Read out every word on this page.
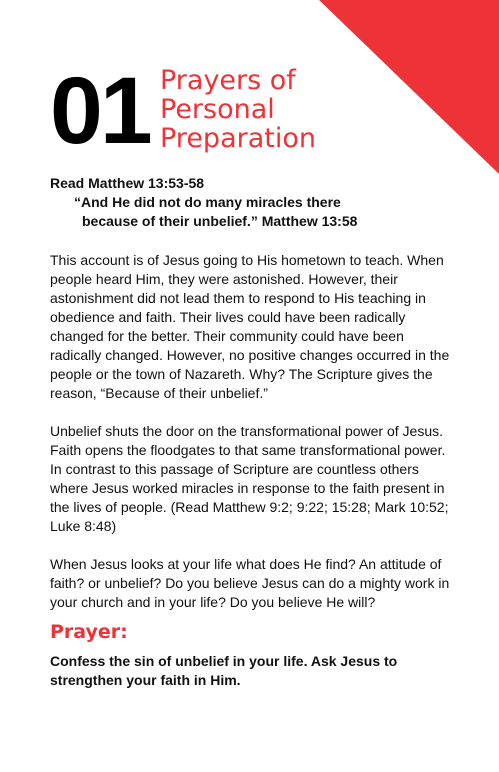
01 Prayers of
Personal
Preparation

Read Matthew 13:53-58

“And He did not do many miracles there
because of their unbelief.” Matthew 13:58

This account is of Jesus going to His hometown to teach. When people heard Him, they were astonished. However, their astonishment did not lead them to respond to His teaching in obedience and faith. Their lives could have been radically changed for the better. Their community could have been radically changed. However, no positive changes occurred in the people or the town of Nazareth. Why? The Scripture gives the reason, “Because of their unbelief.”

Unbelief shuts the door on the transformational power of Jesus. Faith opens the floodgates to that same transformational power. In contrast to this passage of Scripture are countless others where Jesus worked miracles in response to the faith present in the lives of people. (Read Matthew 9:2; 9:22; 15:28; Mark 10:52; Luke 8:48)

When Jesus looks at your life what does He find? An attitude of faith? or unbelief? Do you believe Jesus can do a mighty work in your church and in your life? Do you believe He will?

Prayer:

Confess the sin of unbelief in your life. Ask Jesus to strengthen your faith in Him.
